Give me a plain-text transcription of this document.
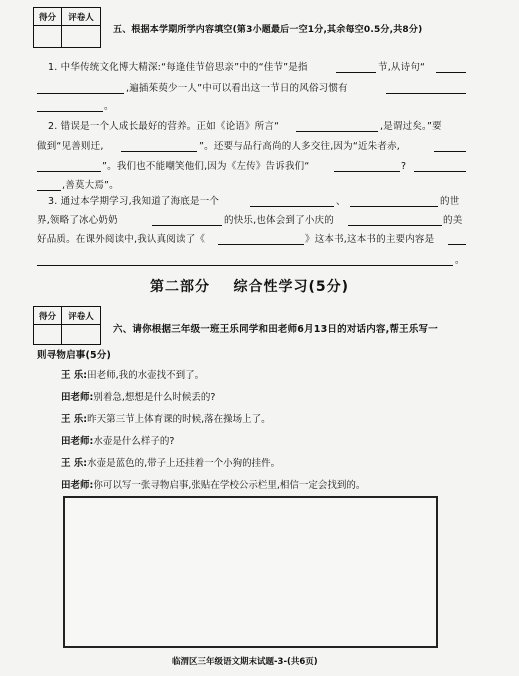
得分	评卷人

五、根据本学期所学内容填空(第3小题最后一空1分,其余每空0.5分,共8分)
1. 中华传统文化博大精深:“每逢佳节倍思亲”中的“佳节”是指	节,从诗句“
,遍插茱萸少一人”中可以看出这一节日的风俗习惯有
。
2. 错误是一个人成长最好的营养。正如《论语》所言“	,是谓过矣。”要
做到“见善则迁,	”。还要与品行高尚的人多交往,因为“近朱者赤,
”。我们也不能嘲笑他们,因为《左传》告诉我们“	?
,善莫大焉”。
3. 通过本学期学习,我知道了海底是一个	、	的世
界,领略了冰心奶奶	的快乐,也体会到了小庆的	的美
好品质。在课外阅读中,我认真阅读了《	》这本书,这本书的主要内容是
。
第二部分    综合性学习(5分)
得分	评卷人

六、请你根据三年级一班王乐同学和田老师6月13日的对话内容,帮王乐写一
则寻物启事(5分)
王 乐:田老师,我的水壶找不到了。
田老师:别着急,想想是什么时候丢的?
王 乐:昨天第三节上体育课的时候,落在操场上了。
田老师:水壶是什么样子的?
王 乐:水壶是蓝色的,带子上还挂着一个小狗的挂件。
田老师:你可以写一张寻物启事,张贴在学校公示栏里,相信一定会找到的。
临渭区三年级语文期末试题-3-(共6页)
